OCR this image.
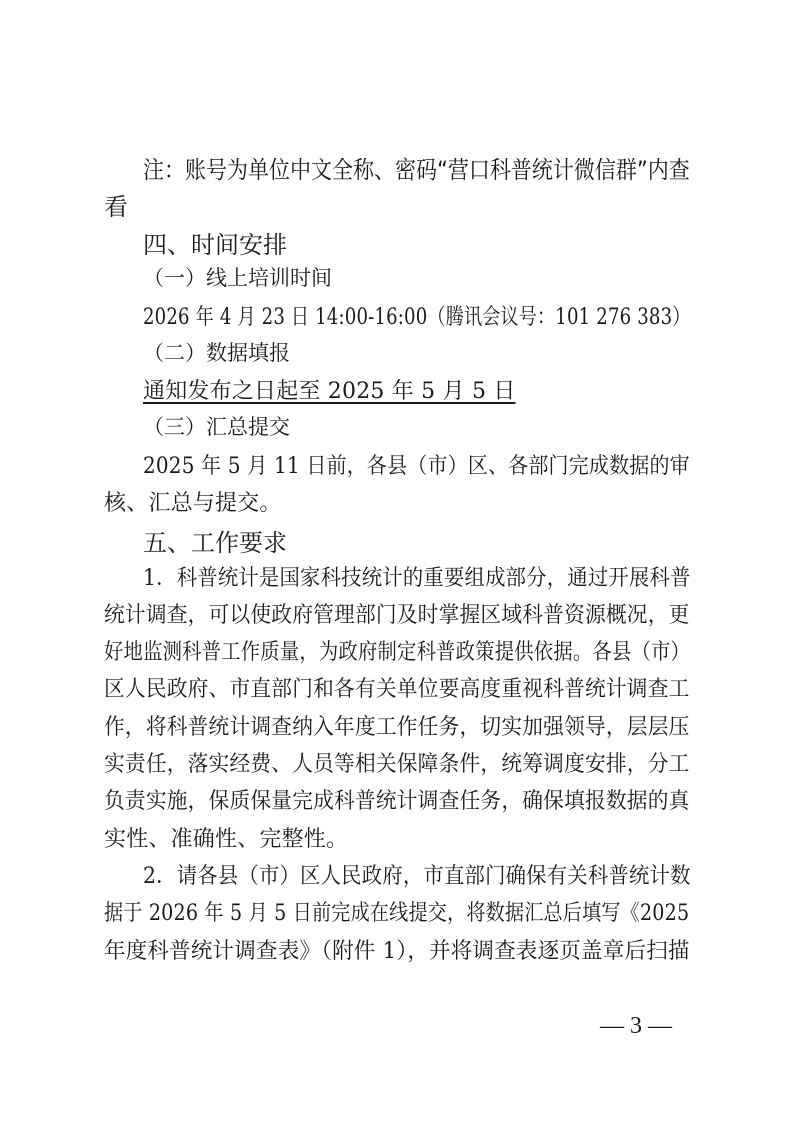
注：账号为单位中文全称、密码“营口科普统计微信群”内查
看
四、时间安排
（一）线上培训时间
2026 年 4 月 23 日 14:00-16:00（腾讯会议号：101 276 383）
（二）数据填报
通知发布之日起至 2025 年 5 月 5 日
（三）汇总提交
2025 年 5 月 11 日前，各县（市）区、各部门完成数据的审
核、汇总与提交。
五、工作要求
1．科普统计是国家科技统计的重要组成部分，通过开展科普
统计调查，可以使政府管理部门及时掌握区域科普资源概况，更
好地监测科普工作质量，为政府制定科普政策提供依据。各县（市）
区人民政府、市直部门和各有关单位要高度重视科普统计调查工
作，将科普统计调查纳入年度工作任务，切实加强领导，层层压
实责任，落实经费、人员等相关保障条件，统筹调度安排，分工
负责实施，保质保量完成科普统计调查任务，确保填报数据的真
实性、准确性、完整性。
2．请各县（市）区人民政府，市直部门确保有关科普统计数
据于 2026 年 5 月 5 日前完成在线提交，将数据汇总后填写《2025
年度科普统计调查表》（附件 1），并将调查表逐页盖章后扫描
— 3 —
